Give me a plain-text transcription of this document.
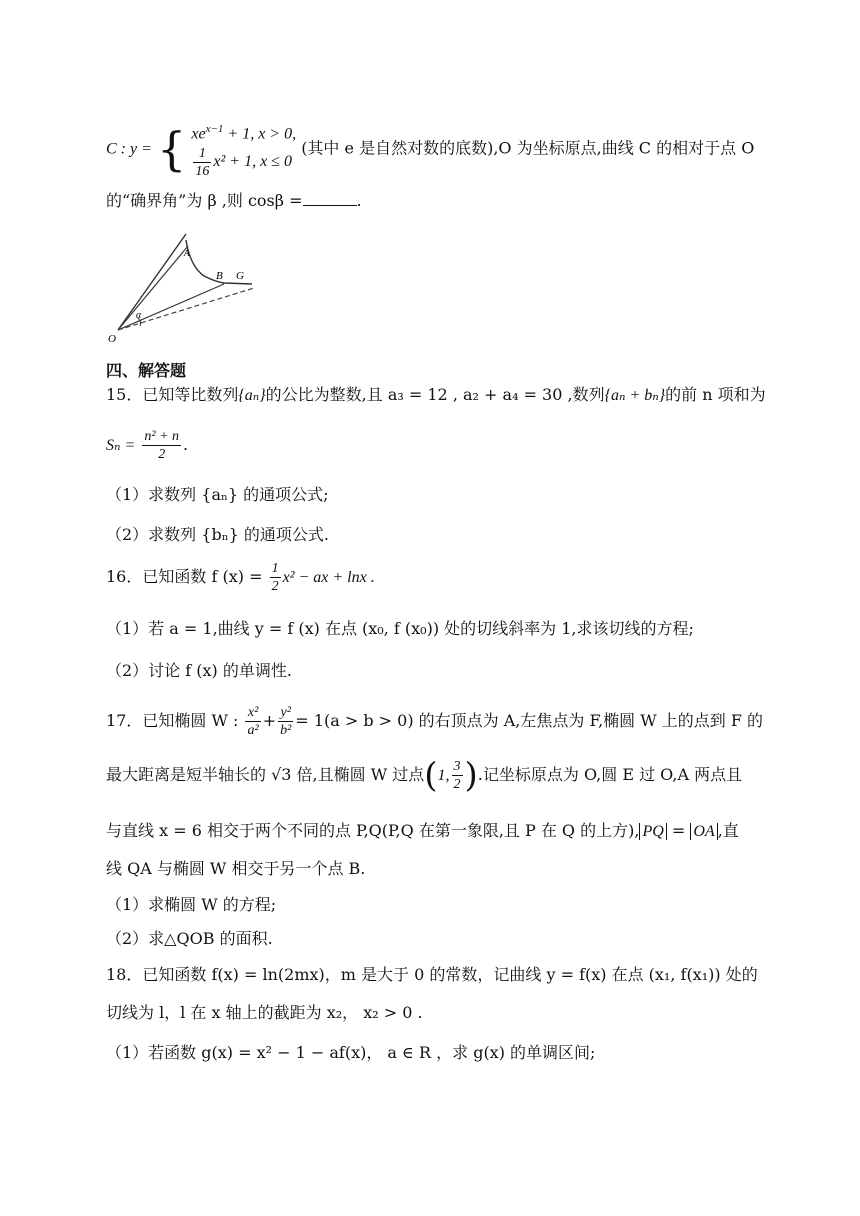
C : y = { $xe^{x-1} + 1$, x > 0,
$\frac{1}{16} x^2 + 1$, x ≤ 0
(其中 e 是自然对数的底数),O 为坐标原点,曲线 C 的相对于点 O
的“确界角”为 β ,则 cosβ =	.
O
α
A
B G
四、解答题
15．已知等比数列{aₙ}的公比为整数,且 a₃ = 12 , a₂ + a₄ = 30 ,数列{aₙ + bₙ}的前 n 项和为
$S_n = \frac{\text{n² + n}}{2}$ .
（1）求数列 {aₙ} 的通项公式;
（2）求数列 {bₙ} 的通项公式.
16．已知函数 f $(x) = \frac{1}{2} x^2$ − ax + lnx .
（1）若 a = 1,曲线 y = f (x) 在点 (x₀, f (x₀)) 处的切线斜率为 1,求该切线的方程;
（2）讨论 f (x) 的单调性.
17．已知椭圆 W : $\frac{\text{x²}}{\text{a²}} + \frac{\text{y²}}{\text{b²}} = 1(a > b > 0)$ 的右顶点为 A,左焦点为 F,椭圆 W 上的点到 F 的
最大距离是短半轴长的 √3 倍,且椭圆 W 过点(1, $\frac{3}{2}$ ).记坐标原点为 O,圆 E 过 O,A 两点且
与直线 x = 6 相交于两个不同的点 P,Q(P,Q 在第一象限,且 P 在 Q 的上方), PQ = OA ,直
线 QA 与椭圆 W 相交于另一个点 B.
（1）求椭圆 W 的方程;
（2）求△QOB 的面积.
18．已知函数 f(x) = ln(2mx)，m 是大于 0 的常数，记曲线 y = f(x) 在点 (x₁, f(x₁)) 处的
切线为 l，l 在 x 轴上的截距为 x₂， x₂ > 0 .
（1）若函数 g(x) = x² − 1 − af(x)， a ∈ R ，求 g(x) 的单调区间;
